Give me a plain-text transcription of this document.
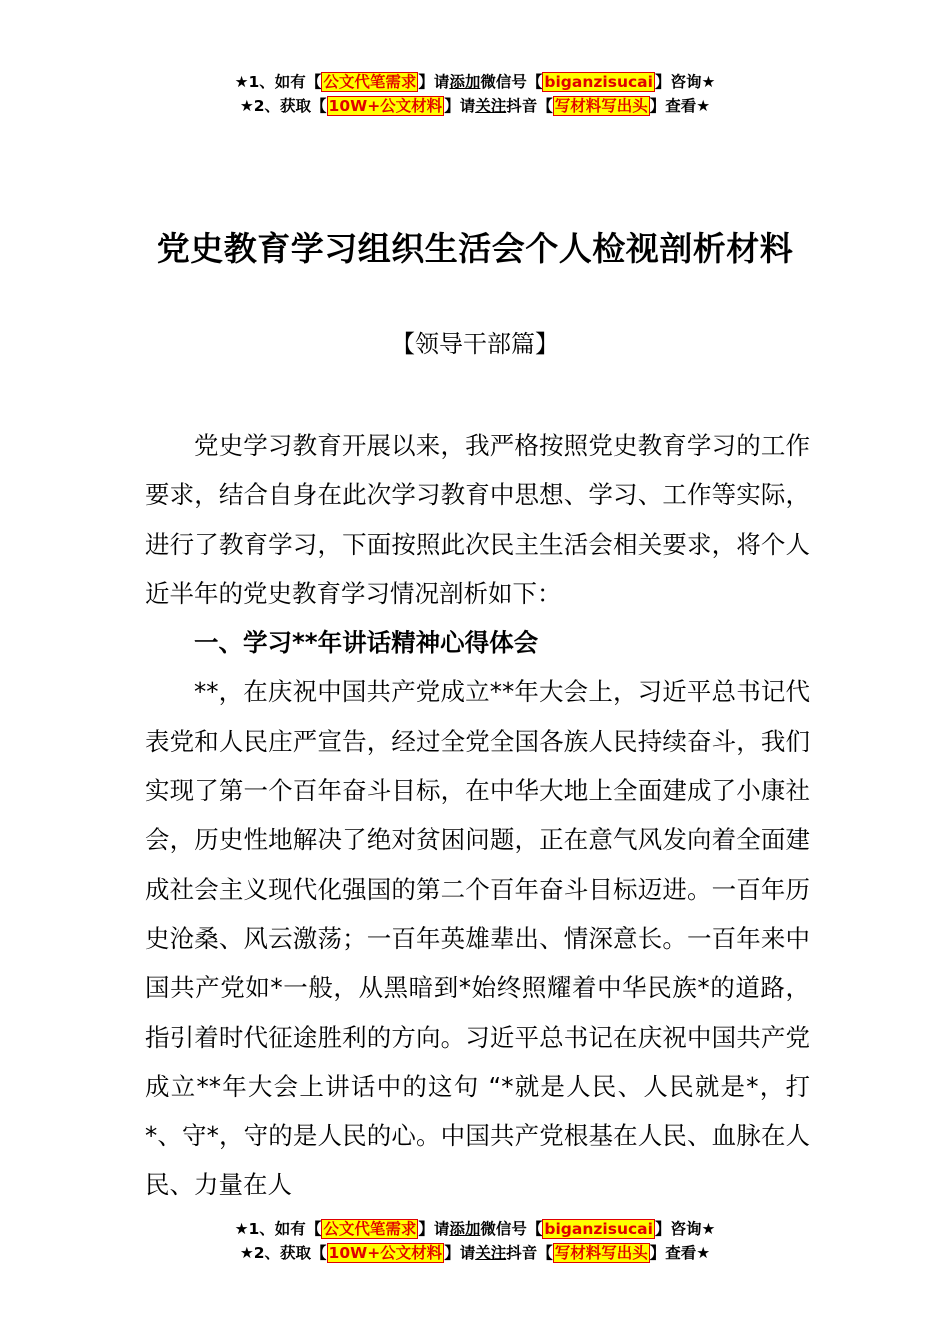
★1、如有【 公文代笔需求 】请添加微信号【 biganzisucai 】咨询★
★2、获取【 10W+公文材料 】请关注抖音【 写材料写出头 】查看★
党史教育学习组织生活会个人检视剖析材料
【领导干部篇】

党史学习教育开展以来，我严格按照党史教育学习的工作要求，结合自身在此次学习教育中思想、学习、工作等实际，进行了教育学习，下面按照此次民主生活会相关要求，将个人近半年的党史教育学习情况剖析如下：

一、学习**年讲话精神心得体会

**，在庆祝中国共产党成立**年大会上，习近平总书记代表党和人民庄严宣告，经过全党全国各族人民持续奋斗，我们实现了第一个百年奋斗目标，在中华大地上全面建成了小康社会，历史性地解决了绝对贫困问题，正在意气风发向着全面建成社会主义现代化强国的第二个百年奋斗目标迈进。一百年历史沧桑、风云激荡；一百年英雄辈出、情深意长。一百年来中国共产党如*一般，从黑暗到*始终照耀着中华民族*的道路，指引着时代征途胜利的方向。习近平总书记在庆祝中国共产党成立**年大会上讲话中的这句 “*就是人民、人民就是*，打*、守*，守的是人民的心。中国共产党根基在人民、血脉在人民、力量在人

★1、如有【 公文代笔需求 】请添加微信号【 biganzisucai 】咨询★
★2、获取【 10W+公文材料 】请关注抖音【 写材料写出头 】查看★
